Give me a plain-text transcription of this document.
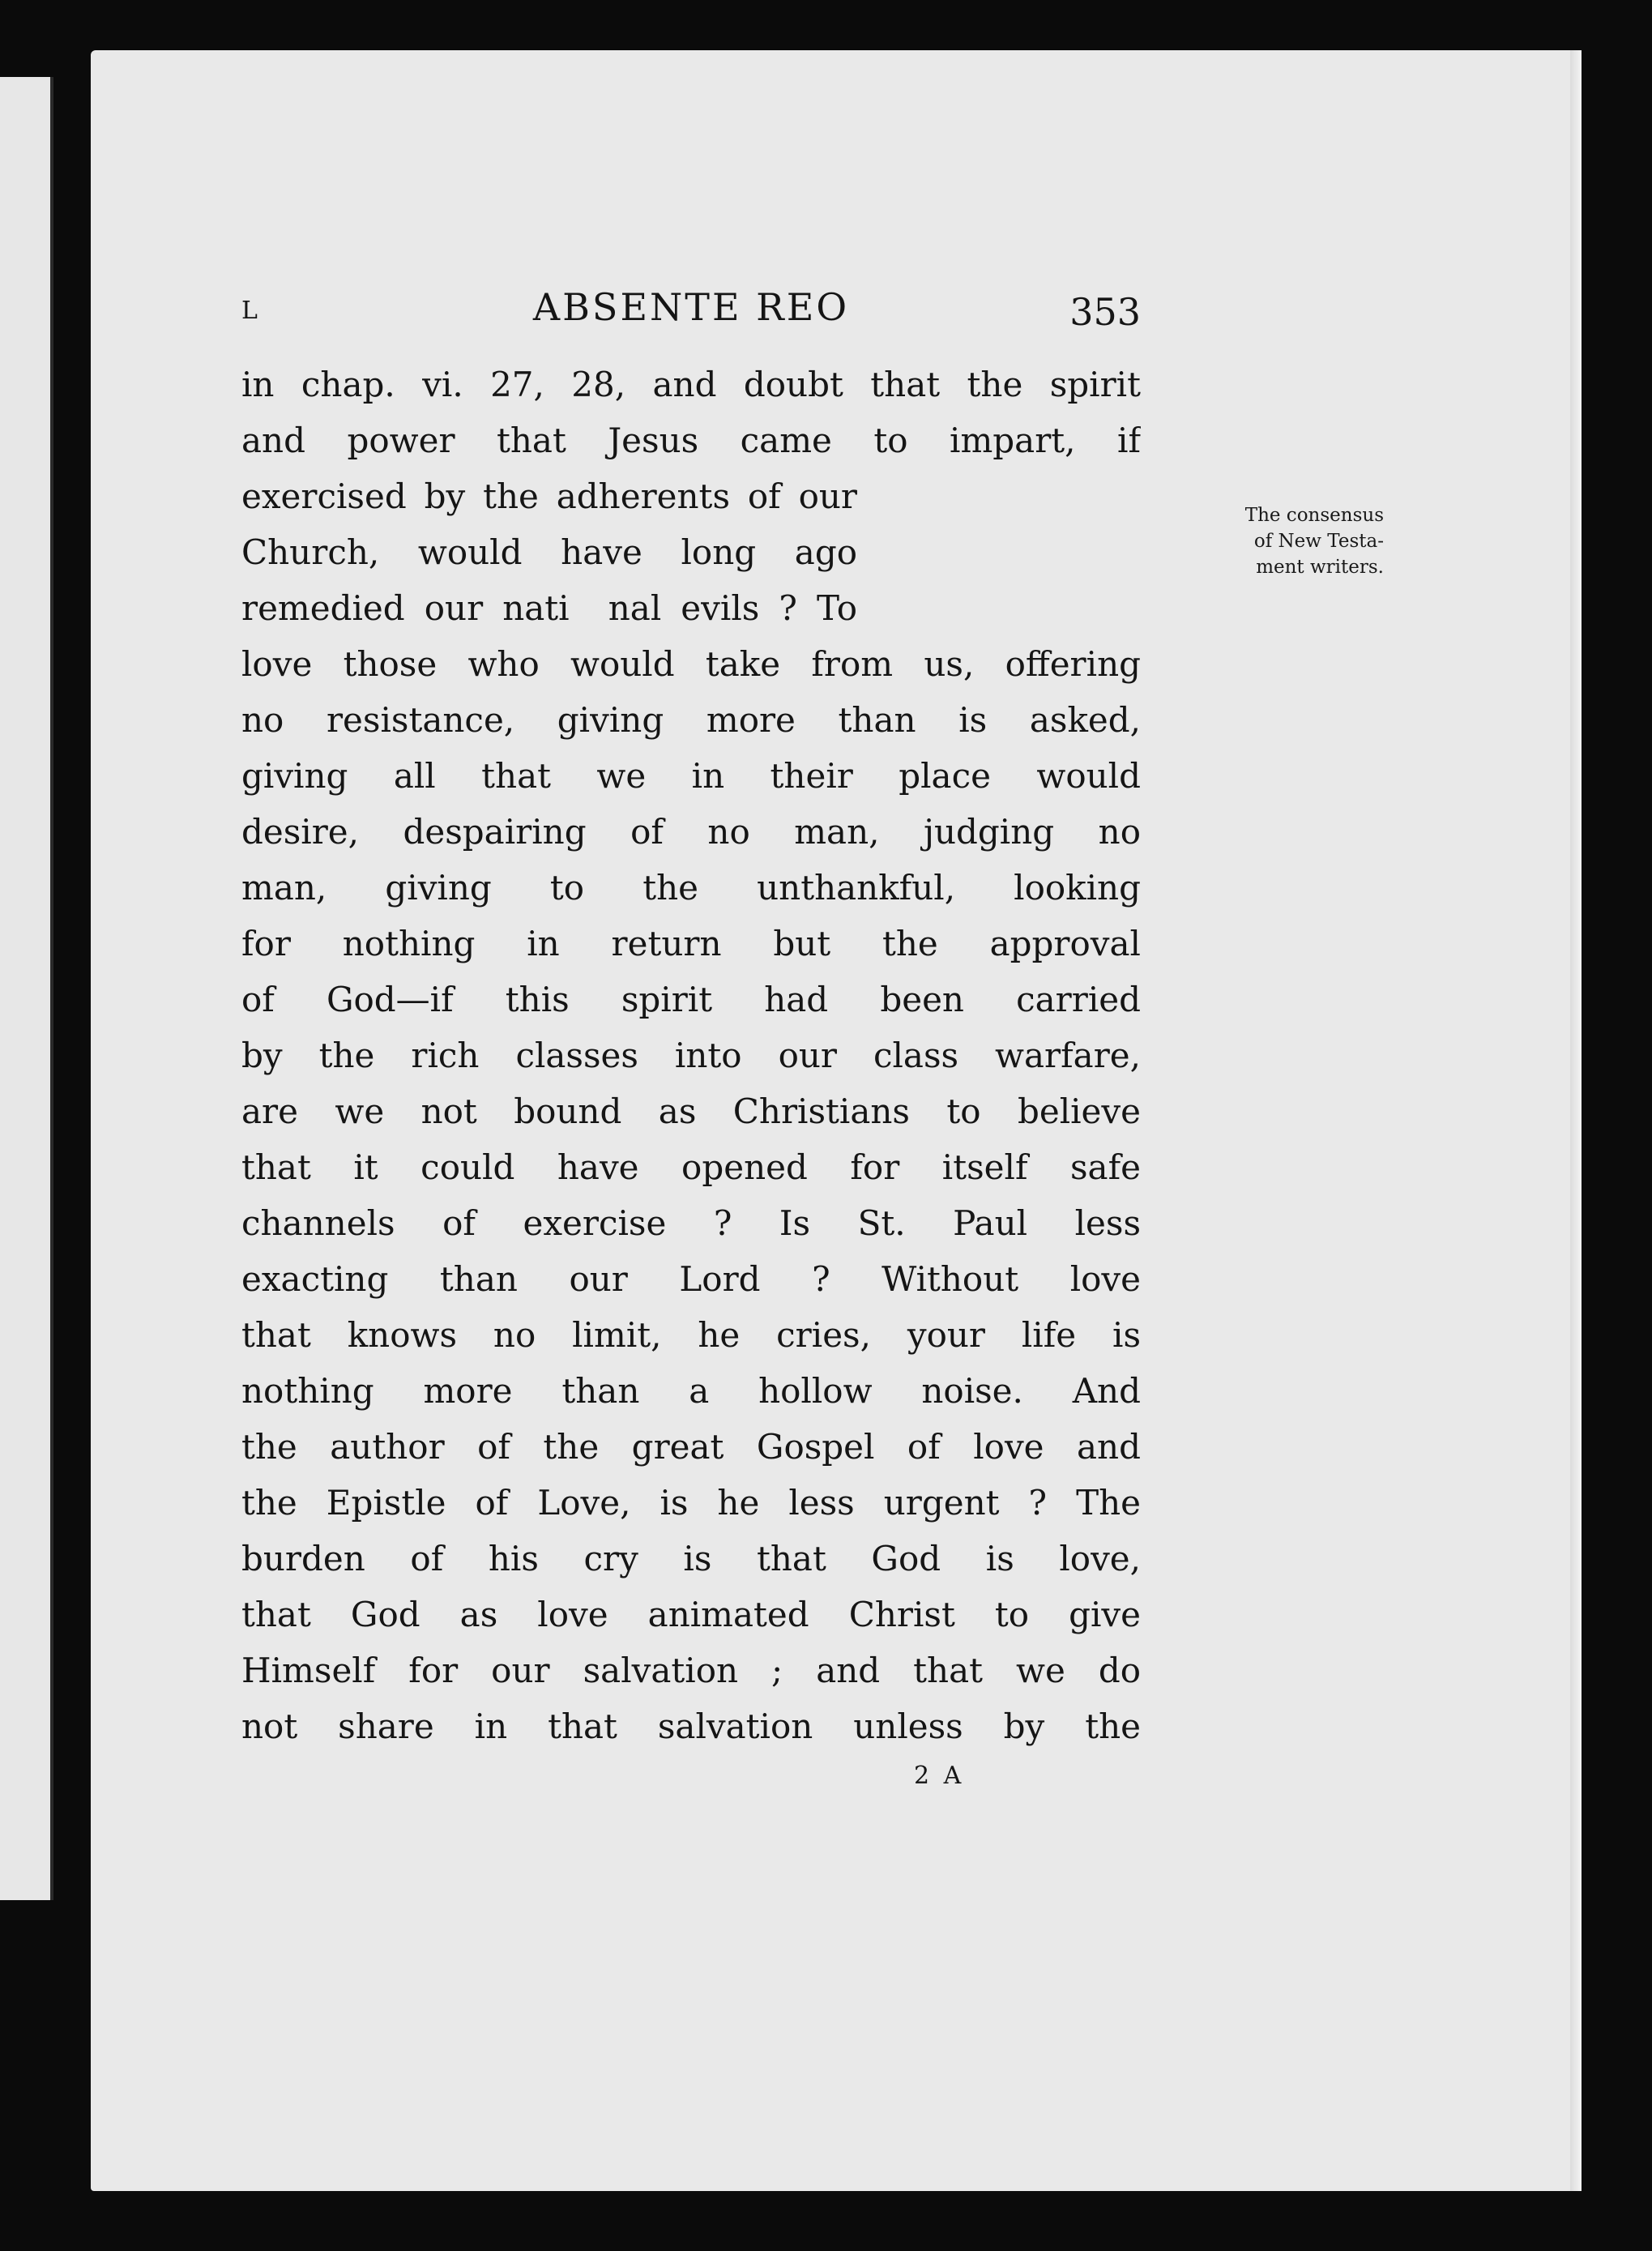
L	ABSENTE REO	353
in chap. vi. 27, 28, and doubt that the spirit
and power that Jesus came to impart, if
exercised by the adherents of our
Church, would have long ago
remedied our nati  nal evils ? To
love those who would take from us, offering
no resistance, giving more than is asked,
giving all that we in their place would
desire, despairing of no man, judging no
man, giving to the unthankful, looking
for nothing in return but the approval
of God—if this spirit had been carried
by the rich classes into our class warfare,
are we not bound as Christians to believe
that it could have opened for itself safe
channels of exercise ? Is St. Paul less
exacting than our Lord ? Without love
that knows no limit, he cries, your life is
nothing more than a hollow noise. And
the author of the great Gospel of love and
the Epistle of Love, is he less urgent ? The
burden of his cry is that God is love,
that God as love animated Christ to give
Himself for our salvation ; and that we do
not share in that salvation unless by the
The consensus
of New Testa-
ment writers.
2 A
